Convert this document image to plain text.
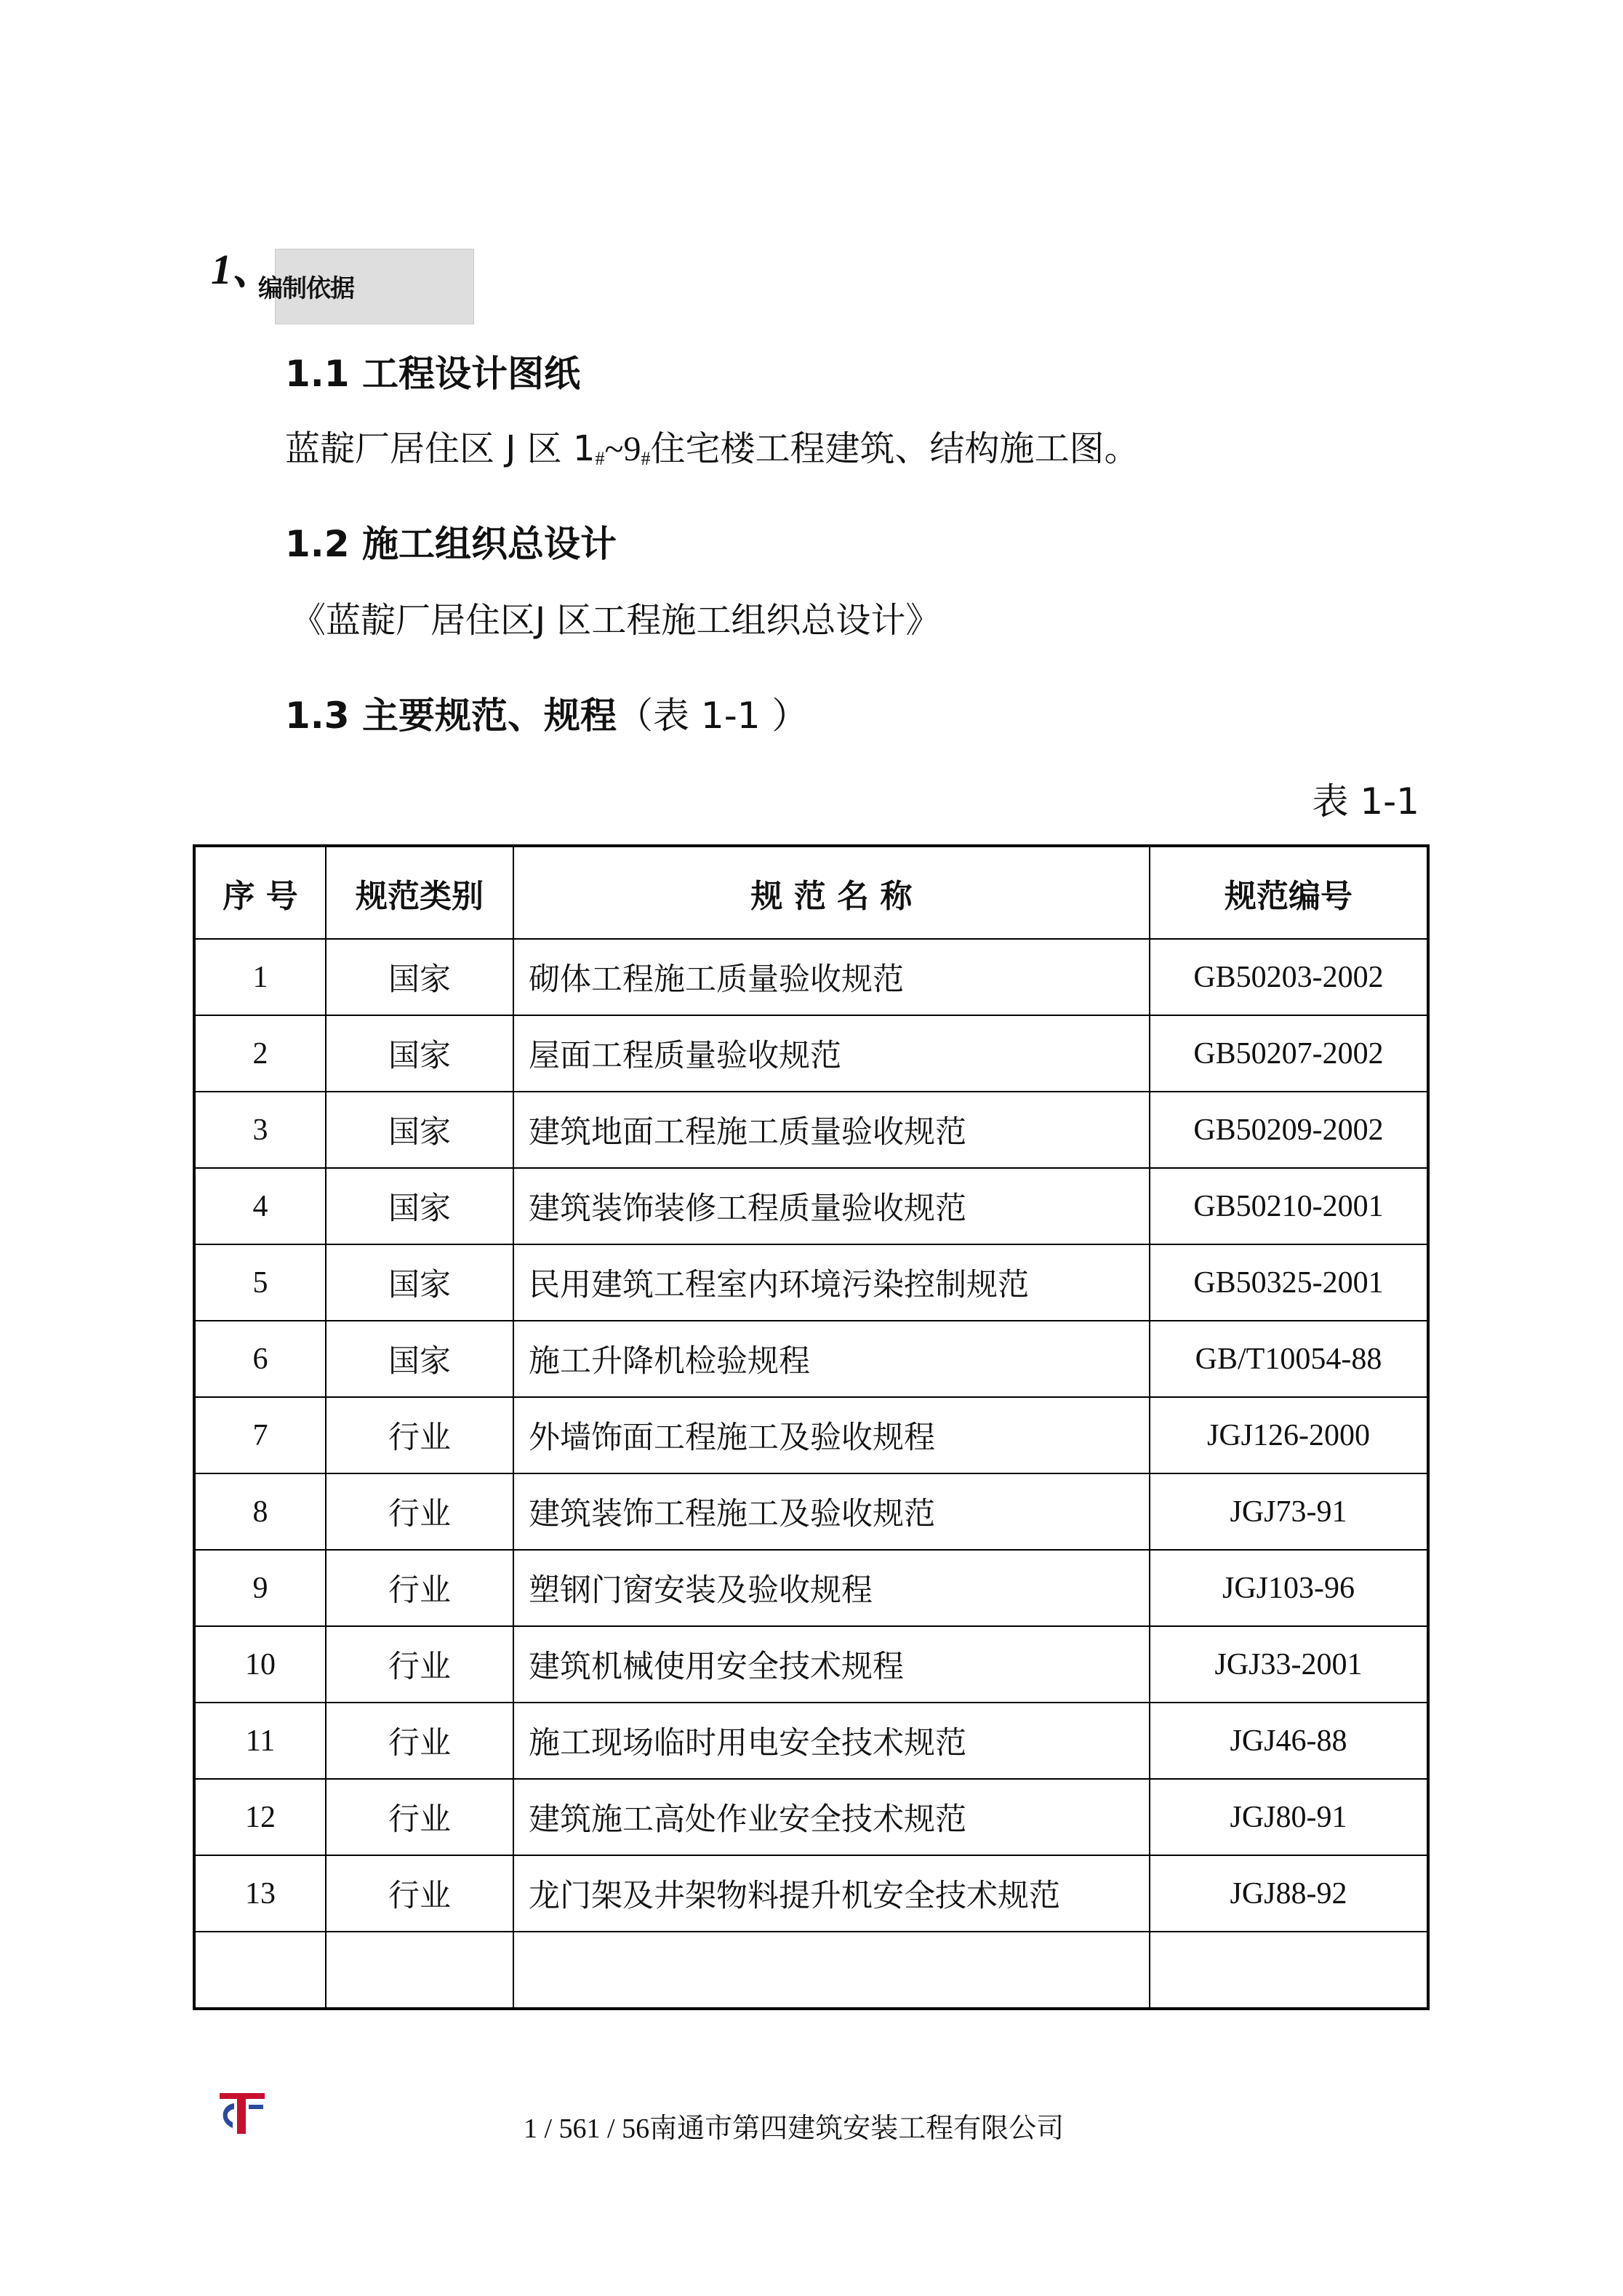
1、
编制依据
1.1 工程设计图纸
蓝靛厂居住区 J 区 $1_{\#}\sim 9_{\#}$住宅楼工程建筑、结构施工图。
1.2 施工组织总设计
《蓝靛厂居住区J 区工程施工组织总设计》
1.3 主要规范、规程（表 1-1 ）
表 1-1
序 号	规范类别	规 范 名 称	规范编号
1	国家	砌体工程施工质量验收规范	GB50203-2002
2	国家	屋面工程质量验收规范	GB50207-2002
3	国家	建筑地面工程施工质量验收规范	GB50209-2002
4	国家	建筑装饰装修工程质量验收规范	GB50210-2001
5	国家	民用建筑工程室内环境污染控制规范	GB50325-2001
6	国家	施工升降机检验规程	GB/T10054-88
7	行业	外墙饰面工程施工及验收规程	JGJ126-2000
8	行业	建筑装饰工程施工及验收规范	JGJ73-91
9	行业	塑钢门窗安装及验收规程	JGJ103-96
10	行业	建筑机械使用安全技术规程	JGJ33-2001
11	行业	施工现场临时用电安全技术规范	JGJ46-88
12	行业	建筑施工高处作业安全技术规范	JGJ80-91
13	行业	龙门架及井架物料提升机安全技术规范	JGJ88-92

1 / 561 / 56南通市第四建筑安装工程有限公司
